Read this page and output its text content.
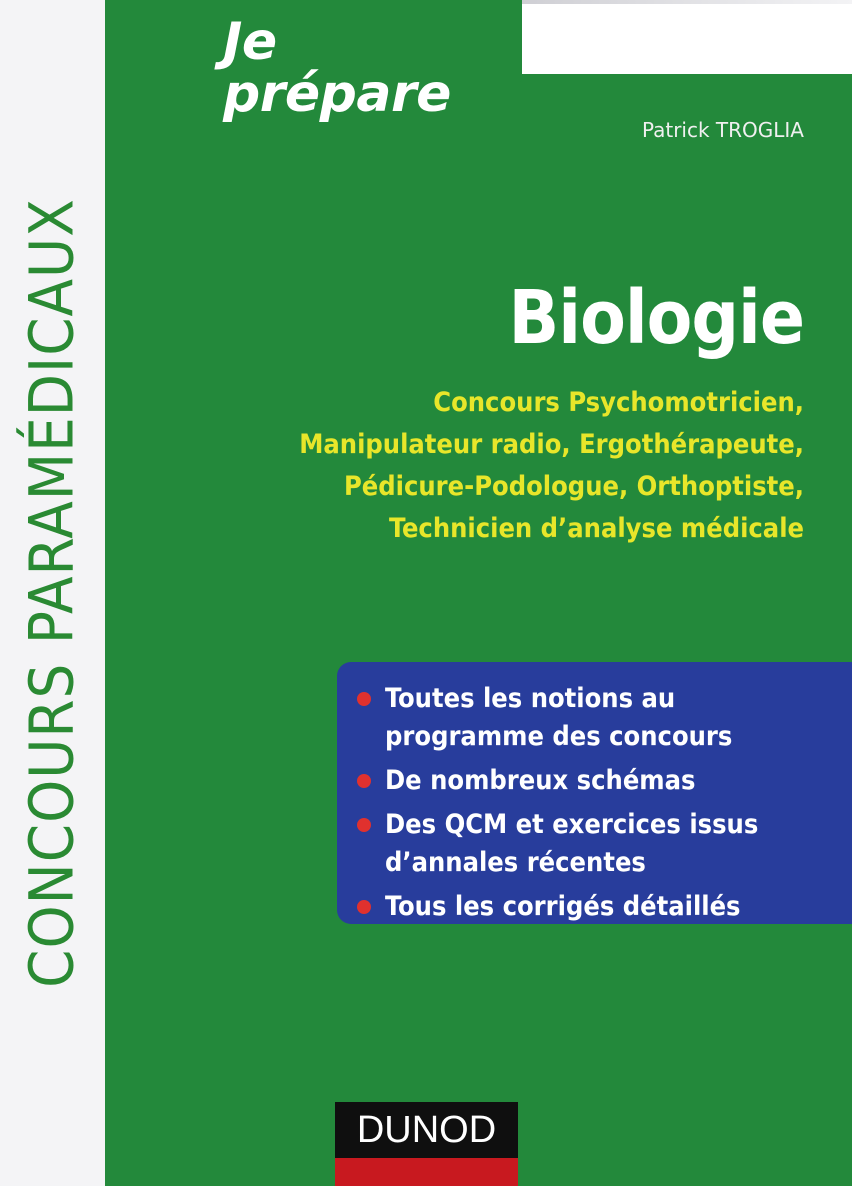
CONCOURS PARAMÉDICAUX
Je prépare
Patrick TROGLIA
Biologie
Concours Psychomotricien,
Manipulateur radio, Ergothérapeute,
Pédicure-Podologue, Orthoptiste,
Technicien d’analyse médicale
Toutes les notions au
programme des concours
De nombreux schémas
Des QCM et exercices issus
d’annales récentes
Tous les corrigés détaillés
DUNOD
